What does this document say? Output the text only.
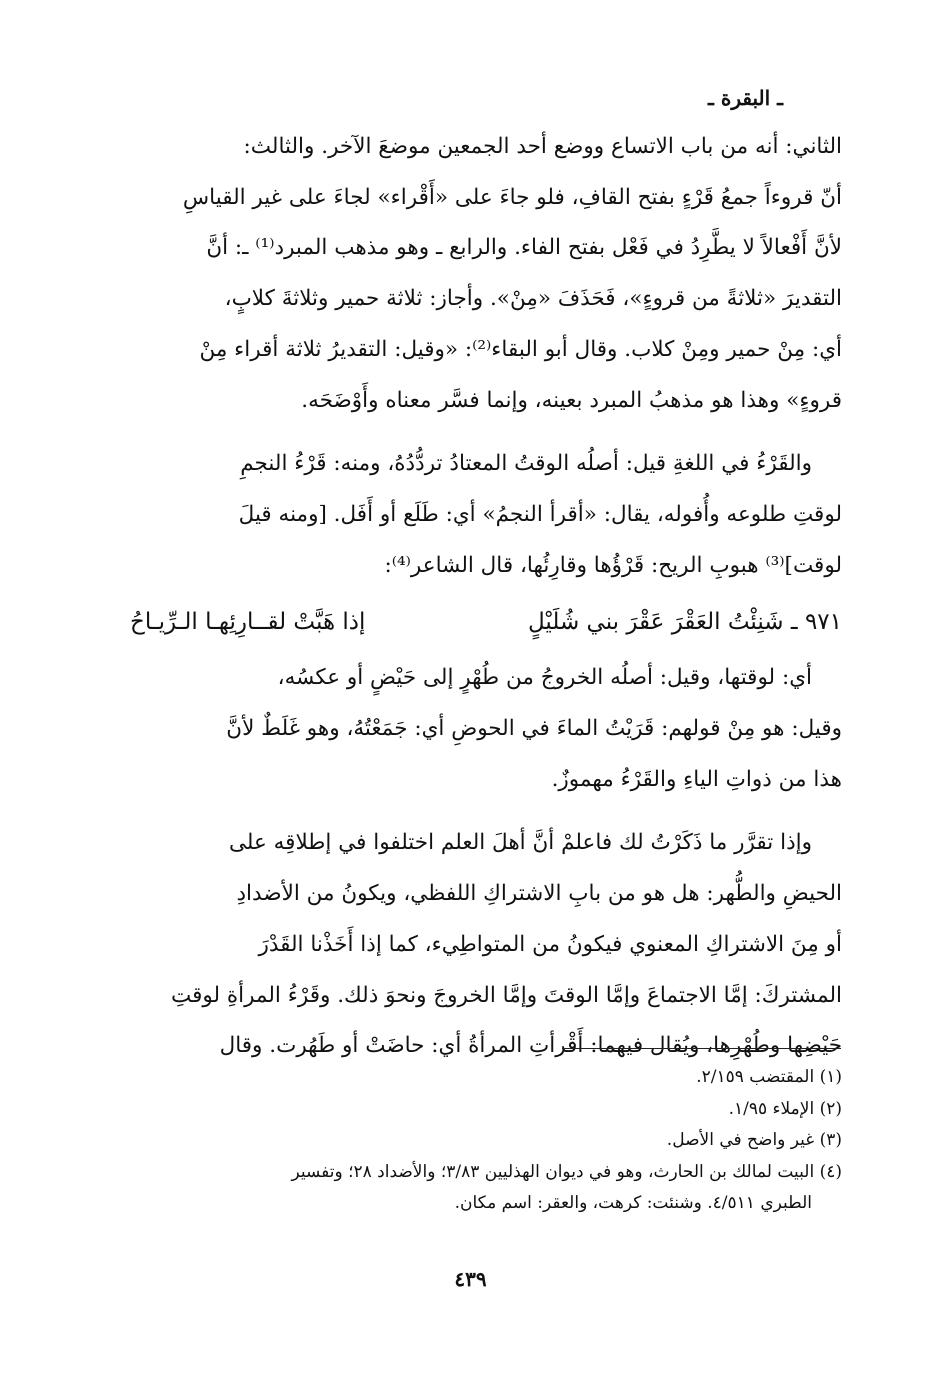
ـ البقرة ـ

الثاني: أنه من باب الاتساع ووضع أحد الجمعين موضعَ الآخر. والثالث:

أنّ قروءاً جمعُ قَرْءٍ بفتح القافِ، فلو جاءَ على «أَقْراء» لجاءَ على غير القياسِ

لأنَّ أَفْعالاً لا يطَّرِدُ في فَعْل بفتح الفاء. والرابع ـ وهو مذهب المبرد⁽¹⁾ ـ: أنَّ

التقديرَ «ثلاثةً من قروءٍ»، فَحَذَفَ «مِنْ». وأجاز: ثلاثة حمير وثلاثةَ كلابٍ،

أي: مِنْ حمير ومِنْ كلاب. وقال أبو البقاء⁽²⁾: «وقيل: التقديرُ ثلاثة أقراء مِنْ

قروءٍ» وهذا هو مذهبُ المبرد بعينه، وإنما فسَّر معناه وأَوْضَحَه.

والقَرْءُ في اللغةِ قيل: أصلُه الوقتُ المعتادُ تردُّدُهُ، ومنه: قَرْءُ النجمِ

لوقتِ طلوعه وأُفوله، يقال: «أقرأ النجمُ» أي: طَلَع أو أَفَل. [ومنه قيلَ

لوقت]⁽³⁾ هبوبِ الريح: قَرْؤُها وقارِئُها، قال الشاعر⁽⁴⁾:

٩٧١ ـ شَنِئْتُ العَقْرَ عَقْرَ بني شُلَيْلٍ
إذا هَبَّتْ لقــارِئِهـا الـرِّيـاحُ

أي: لوقتها، وقيل: أصلُه الخروجُ من طُهْرٍ إلى حَيْضٍ أو عكسُه،

وقيل: هو مِنْ قولهم: قَرَيْتُ الماءَ في الحوضِ أي: جَمَعْتُهُ، وهو غَلَطٌ لأنَّ

هذا من ذواتِ الياءِ والقَرْءُ مهموزٌ.

وإذا تقرَّر ما ذَكَرْتُ لك فاعلمْ أنَّ أهلَ العلم اختلفوا في إطلاقِه على

الحيضِ والطُّهر: هل هو من بابِ الاشتراكِ اللفظي، ويكونُ من الأضدادِ

أو مِنَ الاشتراكِ المعنوي فيكونُ من المتواطِيء، كما إذا أَخَذْنا القَدْرَ

المشتركَ: إمَّا الاجتماعَ وإمَّا الوقتَ وإمَّا الخروجَ ونحوَ ذلك. وقَرْءُ المرأةِ لوقتِ

حَيْضِها وطُهْرِها، ويُقال فيهما: أَقْرأتِ المرأةُ أي: حاضَتْ أو طَهُرت. وقال

(١) المقتضب ٢/١٥٩.

(٢) الإملاء ١/٩٥.

(٣) غير واضح في الأصل.

(٤) البيت لمالك بن الحارث، وهو في ديوان الهذليين ٣/٨٣؛ والأضداد ٢٨؛ وتفسير

الطبري ٤/٥١١. وشنئت: كرهت، والعقر: اسم مكان.

٤٣٩
